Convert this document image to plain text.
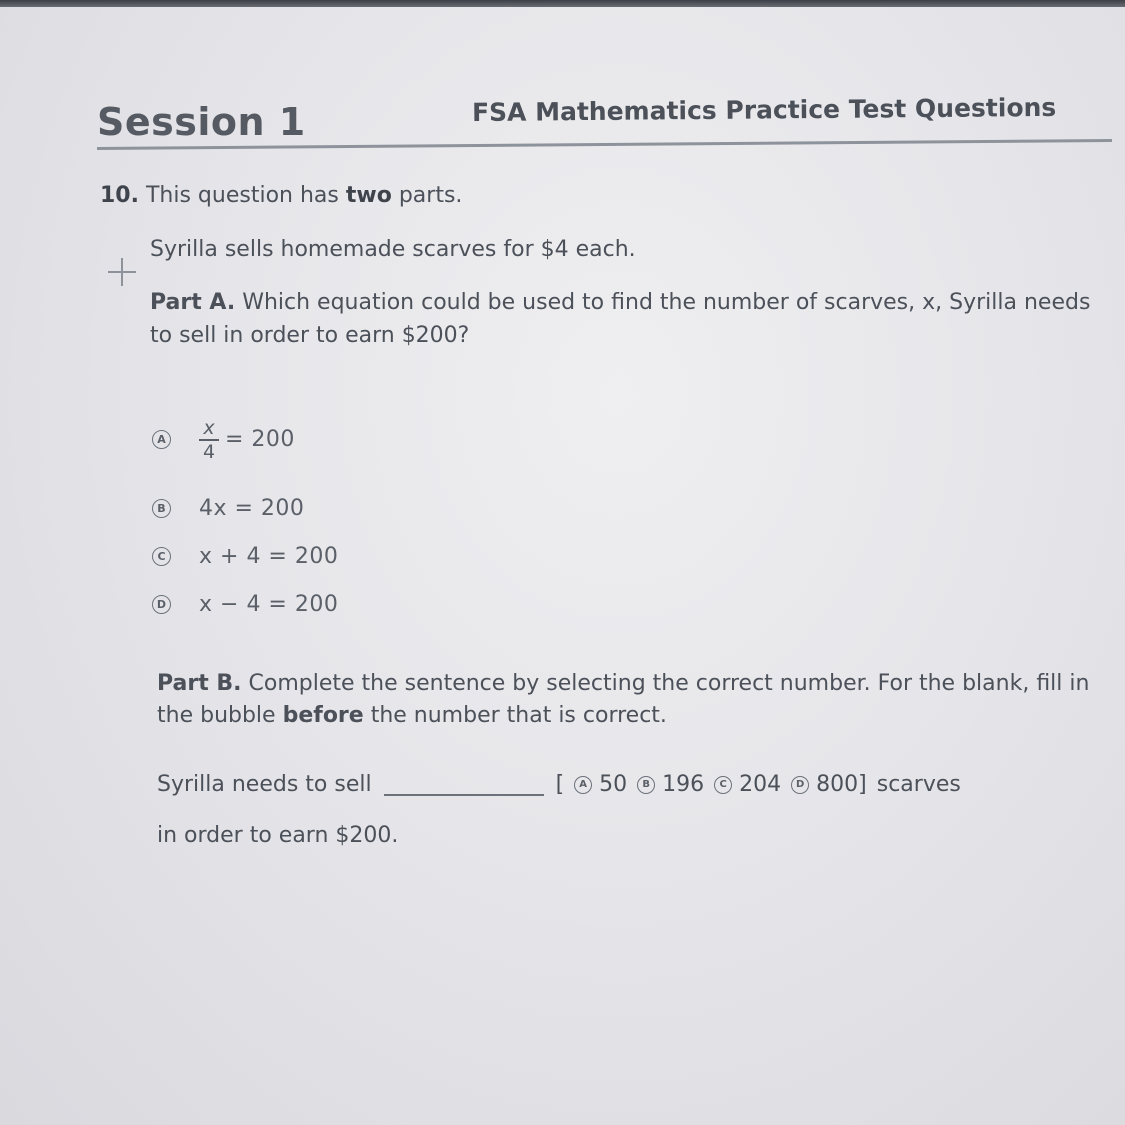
Session 1	FSA Mathematics Practice Test Questions
10. This question has two parts.
Syrilla sells homemade scarves for $4 each.
Part A. Which equation could be used to find the number of scarves, x, Syrilla needs to sell in order to earn $200?
A $\frac{x}{4} = 200$
B 4x = 200
C x + 4 = 200
D x − 4 = 200
Part B. Complete the sentence by selecting the correct number. For the blank, fill in the bubble before the number that is correct.
Syrilla needs to sell	[	A 50	B 196	C 204	D 800] scarves
in order to earn $200.
